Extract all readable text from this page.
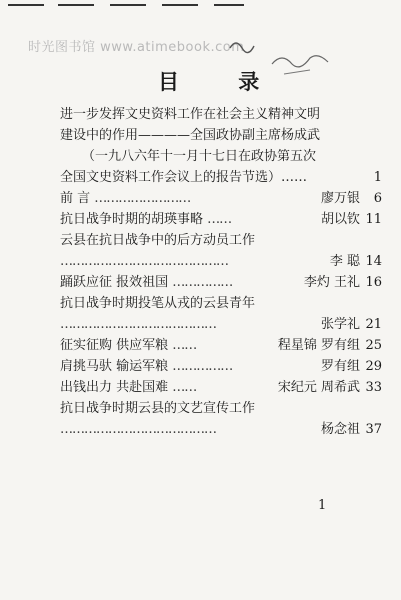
时光图书馆 www.atimebook.com
目 录
进一步发挥文史资料工作在社会主义精神文明
建设中的作用————全国政协副主席杨成武
（一九八六年十一月十七日在政协第五次
全国文史资料工作会议上的报告节选）……	1
前 言 ……………………	廖万银 6
抗日战争时期的胡瑛事略 ……	胡以钦 11
云县在抗日战争中的后方动员工作
……………………………………	李 聪 14
踊跃应征 报效祖国 ……………	李灼 王礼 16
抗日战争时期投笔从戎的云县青年
…………………………………	张学礼 21
征实征购 供应军粮 ……	程星锦 罗有组 25
肩挑马驮 输运军粮 ……………	罗有组 29
出钱出力 共赴国难 ……	宋纪元 周希武 33
抗日战争时期云县的文艺宣传工作
…………………………………	杨念祖 37
1
